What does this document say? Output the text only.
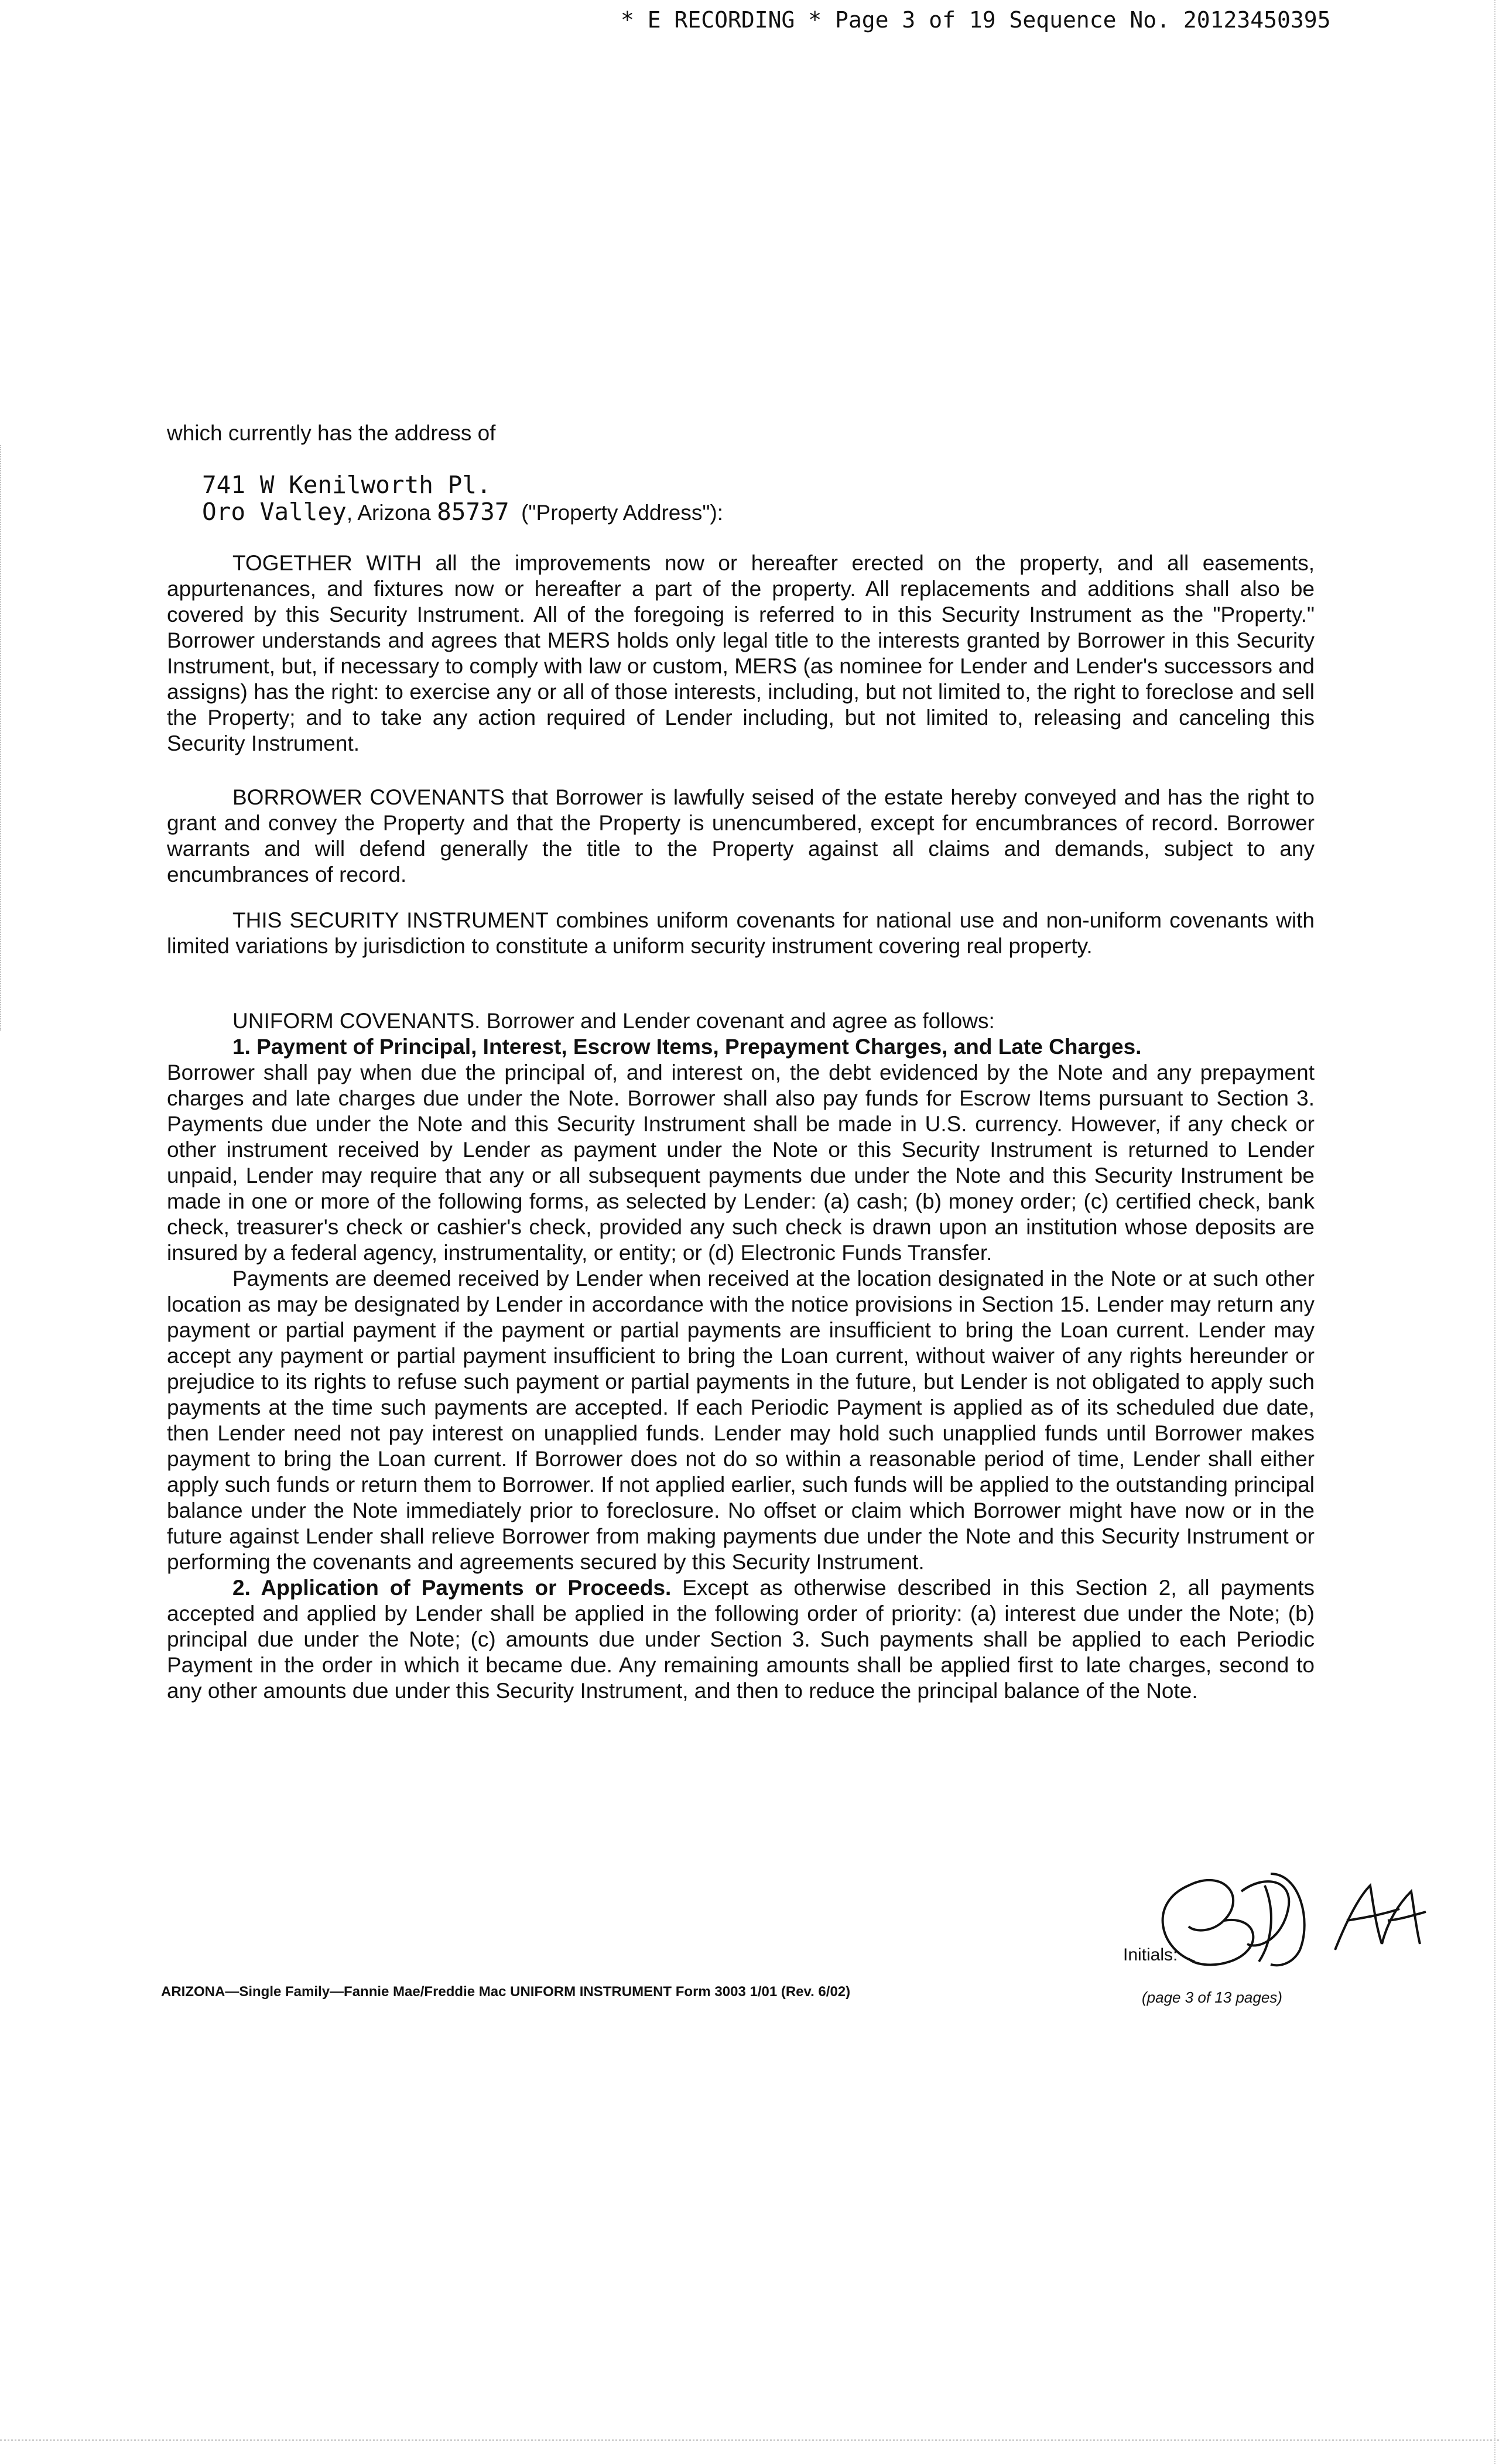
* E RECORDING * Page 3 of 19 Sequence No. 20123450395
which currently has the address of
741 W Kenilworth Pl.
Oro Valley, Arizona 85737 ("Property Address"):
TOGETHER WITH all the improvements now or hereafter erected on the property, and all easements, appurtenances, and fixtures now or hereafter a part of the property. All replacements and additions shall also be covered by this Security Instrument. All of the foregoing is referred to in this Security Instrument as the "Property." Borrower understands and agrees that MERS holds only legal title to the interests granted by Borrower in this Security Instrument, but, if necessary to comply with law or custom, MERS (as nominee for Lender and Lender's successors and assigns) has the right: to exercise any or all of those interests, including, but not limited to, the right to foreclose and sell the Property; and to take any action required of Lender including, but not limited to, releasing and canceling this Security Instrument.
BORROWER COVENANTS that Borrower is lawfully seised of the estate hereby conveyed and has the right to grant and convey the Property and that the Property is unencumbered, except for encumbrances of record. Borrower warrants and will defend generally the title to the Property against all claims and demands, subject to any encumbrances of record.
THIS SECURITY INSTRUMENT combines uniform covenants for national use and non-uniform covenants with limited variations by jurisdiction to constitute a uniform security instrument covering real property.
UNIFORM COVENANTS. Borrower and Lender covenant and agree as follows:
1. Payment of Principal, Interest, Escrow Items, Prepayment Charges, and Late Charges.
Borrower shall pay when due the principal of, and interest on, the debt evidenced by the Note and any prepayment charges and late charges due under the Note. Borrower shall also pay funds for Escrow Items pursuant to Section 3. Payments due under the Note and this Security Instrument shall be made in U.S. currency. However, if any check or other instrument received by Lender as payment under the Note or this Security Instrument is returned to Lender unpaid, Lender may require that any or all subsequent payments due under the Note and this Security Instrument be made in one or more of the following forms, as selected by Lender: (a) cash; (b) money order; (c) certified check, bank check, treasurer's check or cashier's check, provided any such check is drawn upon an institution whose deposits are insured by a federal agency, instrumentality, or entity; or (d) Electronic Funds Transfer.
Payments are deemed received by Lender when received at the location designated in the Note or at such other location as may be designated by Lender in accordance with the notice provisions in Section 15. Lender may return any payment or partial payment if the payment or partial payments are insufficient to bring the Loan current. Lender may accept any payment or partial payment insufficient to bring the Loan current, without waiver of any rights hereunder or prejudice to its rights to refuse such payment or partial payments in the future, but Lender is not obligated to apply such payments at the time such payments are accepted. If each Periodic Payment is applied as of its scheduled due date, then Lender need not pay interest on unapplied funds. Lender may hold such unapplied funds until Borrower makes payment to bring the Loan current. If Borrower does not do so within a reasonable period of time, Lender shall either apply such funds or return them to Borrower. If not applied earlier, such funds will be applied to the outstanding principal balance under the Note immediately prior to foreclosure. No offset or claim which Borrower might have now or in the future against Lender shall relieve Borrower from making payments due under the Note and this Security Instrument or performing the covenants and agreements secured by this Security Instrument.
2. Application of Payments or Proceeds. Except as otherwise described in this Section 2, all payments accepted and applied by Lender shall be applied in the following order of priority: (a) interest due under the Note; (b) principal due under the Note; (c) amounts due under Section 3. Such payments shall be applied to each Periodic Payment in the order in which it became due. Any remaining amounts shall be applied first to late charges, second to any other amounts due under this Security Instrument, and then to reduce the principal balance of the Note.
ARIZONA—Single Family—Fannie Mae/Freddie Mac UNIFORM INSTRUMENT Form 3003 1/01 (Rev. 6/02)
Initials:
(page 3 of 13 pages)
